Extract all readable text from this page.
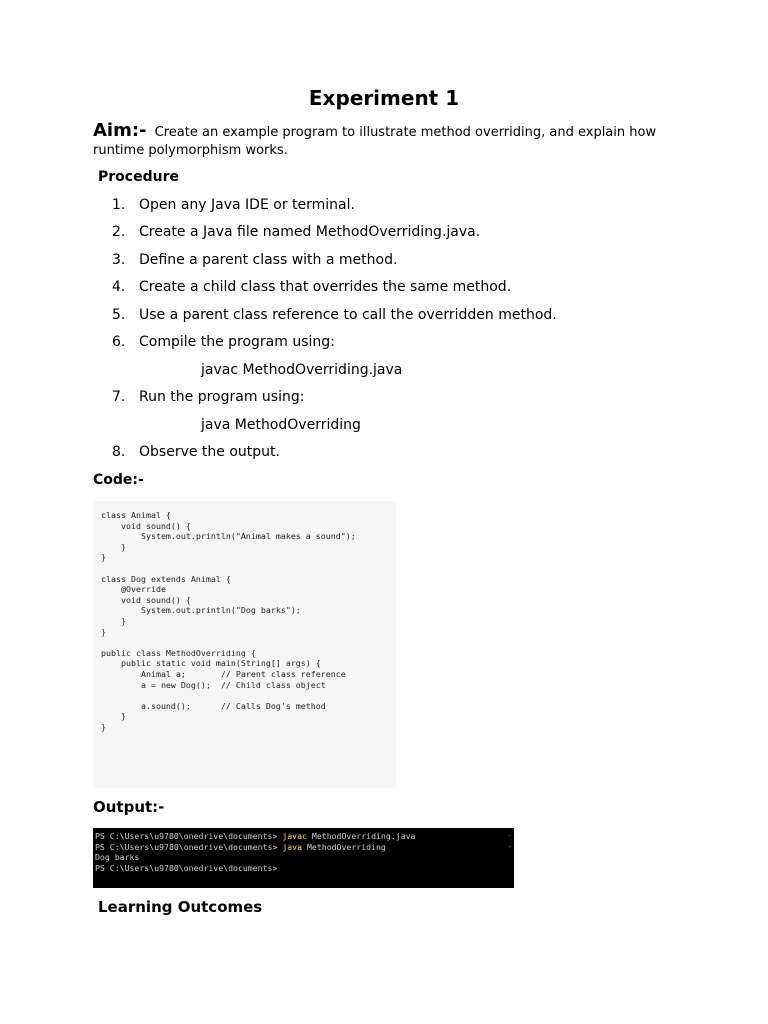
Experiment 1
Aim:- Create an example program to illustrate method overriding, and explain how runtime polymorphism works.
Procedure
1. Open any Java IDE or terminal.
2. Create a Java file named MethodOverriding.java.
3. Define a parent class with a method.
4. Create a child class that overrides the same method.
5. Use a parent class reference to call the overridden method.
6. Compile the program using:
javac MethodOverriding.java
7. Run the program using:
java MethodOverriding
8. Observe the output.
Code:-
class Animal {
void sound() {
System.out.println("Animal makes a sound");
}
}

class Dog extends Animal {
@Override
void sound() {
System.out.println("Dog barks");
}
}

public class MethodOverriding {
public static void main(String[] args) {
Animal a;       // Parent class reference
a = new Dog();  // Child class object

a.sound();      // Calls Dog's method
}
}
Output:-
PS C:\Users\u9780\onedrive\documents> javac MethodOverriding.java
PS C:\Users\u9780\onedrive\documents> java MethodOverriding
Dog barks
PS C:\Users\u9780\onedrive\documents>
-
-
Learning Outcomes
